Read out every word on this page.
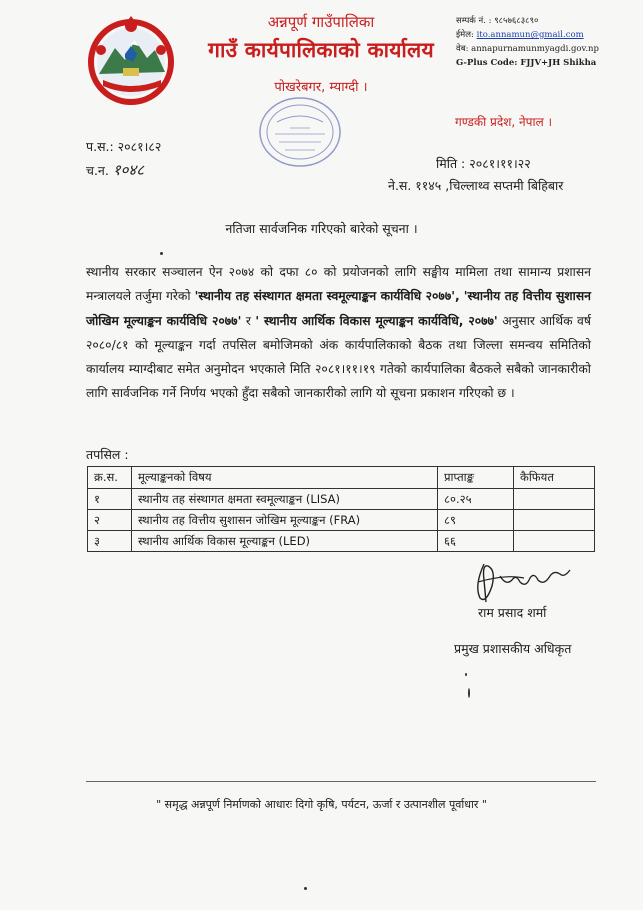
अन्नपूर्ण गाउँपालिका
गाउँ कार्यपालिकाको कार्यालय
पोखरेबगर, म्याग्दी ।
सम्पर्क नं. : ९८५७६८३८९०
ईमेल: ito.annamun@gmail.com
वेब: annapurnamunmyagdi.gov.np
G-Plus Code: FJJV+JH Shikha
गण्डकी प्रदेश, नेपाल ।
प.स.: २०८१।८२
च.न. १०४८	मिति : २०८१।११।२२
ने.स. ११४५ ,चिल्लाथ्व सप्तमी बिहिबार
नतिजा सार्वजनिक गरिएको बारेको सूचना ।
स्थानीय सरकार सञ्चालन ऐन २०७४ को दफा ८० को प्रयोजनको लागि सङ्घीय मामिला तथा सामान्य प्रशासन मन्त्रालयले तर्जुमा गरेको 'स्थानीय तह संस्थागत क्षमता स्वमूल्याङ्कन कार्यविधि २०७७', 'स्थानीय तह वित्तीय सुशासन जोखिम मूल्याङ्कन कार्यविधि २०७७' र ' स्थानीय आर्थिक विकास मूल्याङ्कन कार्यविधि, २०७७' अनुसार आर्थिक वर्ष २०८०/८१ को मूल्याङ्कन गर्दा तपसिल बमोजिमको अंक कार्यपालिकाको बैठक तथा जिल्ला समन्वय समितिको कार्यालय म्याग्दीबाट समेत अनुमोदन भएकाले मिति २०८१।११।१९ गतेको कार्यपालिका बैठकले सबैको जानकारीको लागि सार्वजनिक गर्ने निर्णय भएको हुँदा सबैको जानकारीको लागि यो सूचना प्रकाशन गरिएको छ ।
तपसिल :
क्र.स.	मूल्याङ्कनको विषय	प्राप्ताङ्क	कैफियत
१	स्थानीय तह संस्थागत क्षमता स्वमूल्याङ्कन (LISA)	८०.२५	
२	स्थानीय तह वित्तीय सुशासन जोखिम मूल्याङ्कन (FRA)	८९	
३	स्थानीय आर्थिक विकास मूल्याङ्कन (LED)	६६	
राम प्रसाद शर्मा
प्रमुख प्रशासकीय अधिकृत
" समृद्ध अन्नपूर्ण निर्माणको आधारः दिगो कृषि, पर्यटन, ऊर्जा र उत्पानशील पूर्वाधार "
